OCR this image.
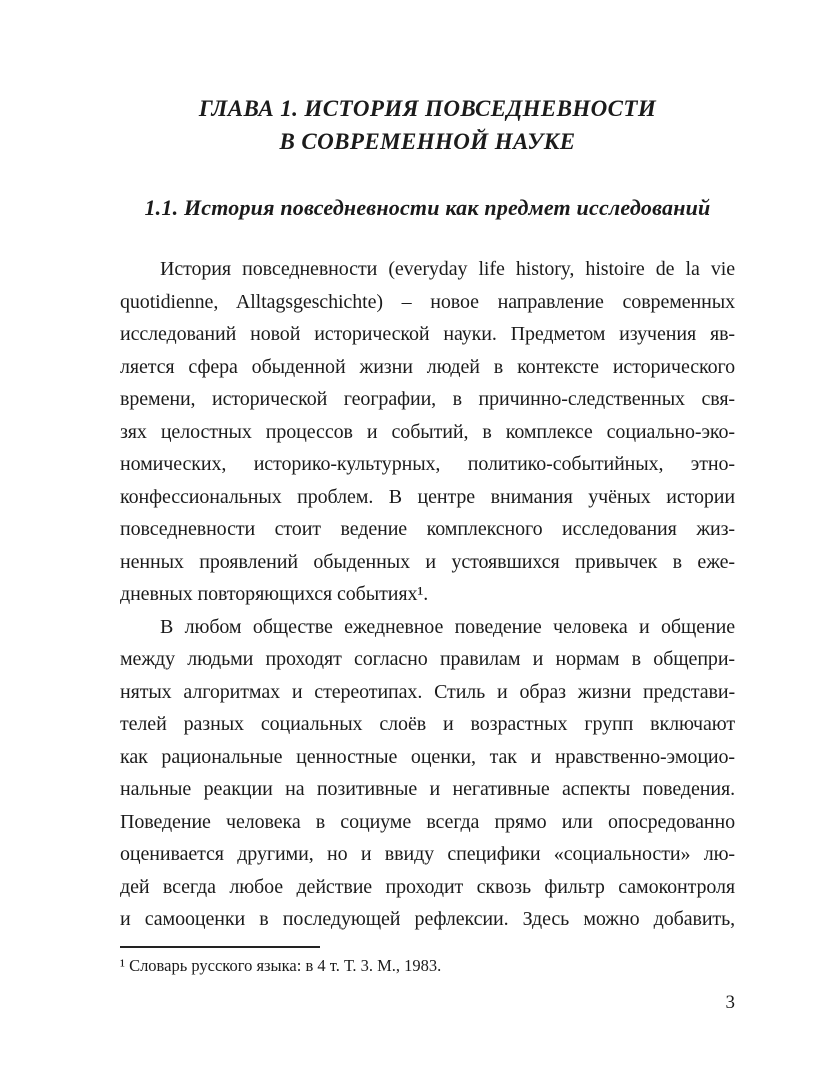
ГЛАВА 1. ИСТОРИЯ ПОВСЕДНЕВНОСТИ
В СОВРЕМЕННОЙ НАУКЕ
1.1. История повседневности как предмет исследований
История повседневности (everyday life history, histoire de la vie
quotidienne, Alltagsgeschichte) – новое направление современных
исследований новой исторической науки. Предметом изучения яв-
ляется сфера обыденной жизни людей в контексте исторического
времени, исторической географии, в причинно-следственных свя-
зях целостных процессов и событий, в комплексе социально-эко-
номических, историко-культурных, политико-событийных, этно-
конфессиональных проблем. В центре внимания учёных истории
повседневности стоит ведение комплексного исследования жиз-
ненных проявлений обыденных и устоявшихся привычек в еже-
дневных повторяющихся событиях¹.
В любом обществе ежедневное поведение человека и общение
между людьми проходят согласно правилам и нормам в общепри-
нятых алгоритмах и стереотипах. Стиль и образ жизни представи-
телей разных социальных слоёв и возрастных групп включают
как рациональные ценностные оценки, так и нравственно-эмоцио-
нальные реакции на позитивные и негативные аспекты поведения.
Поведение человека в социуме всегда прямо или опосредованно
оценивается другими, но и ввиду специфики «социальности» лю-
дей всегда любое действие проходит сквозь фильтр самоконтроля
и самооценки в последующей рефлексии. Здесь можно добавить,
¹ Словарь русского языка: в 4 т. Т. 3. М., 1983.
3
